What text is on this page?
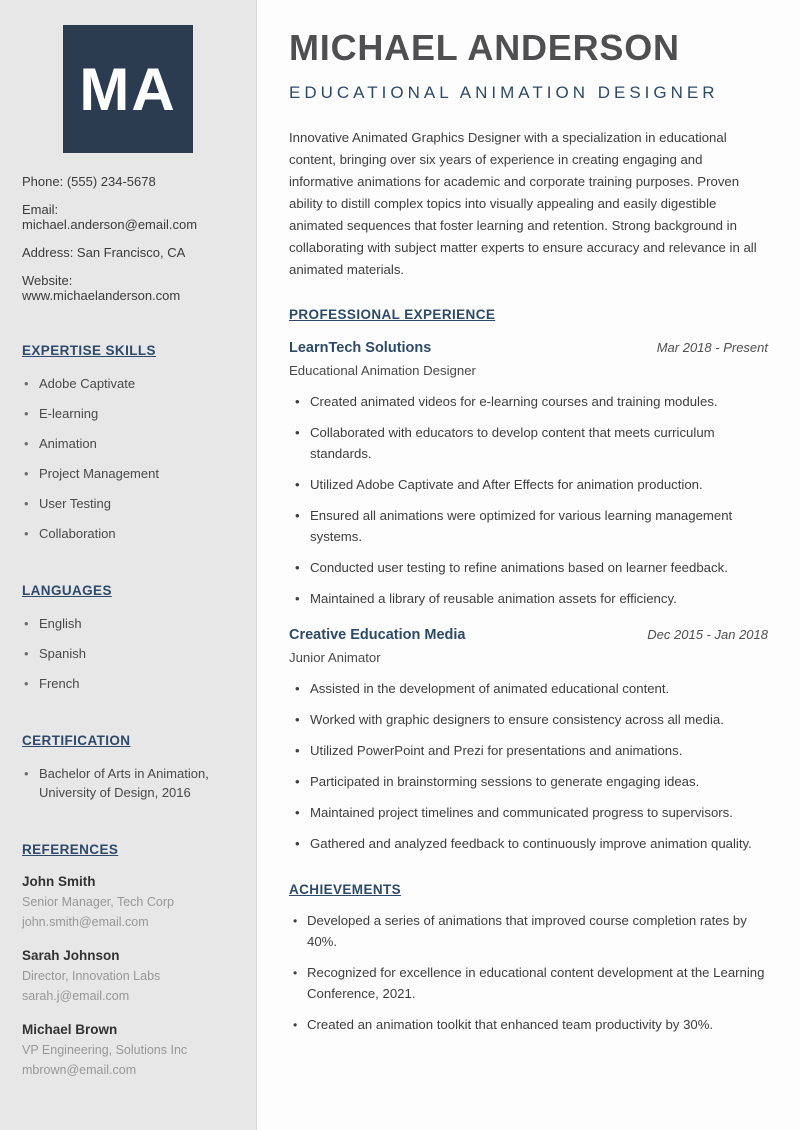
MA

Phone: (555) 234-5678

Email: michael.anderson@email.com

Address: San Francisco, CA

Website: www.michaelanderson.com

EXPERTISE SKILLS
• Adobe Captivate
• E-learning
• Animation
• Project Management
• User Testing
• Collaboration
LANGUAGES
• English
• Spanish
• French
CERTIFICATION
• Bachelor of Arts in Animation, University of Design, 2016
REFERENCES

John Smith

Senior Manager, Tech Corp

john.smith@email.com

Sarah Johnson

Director, Innovation Labs

sarah.j@email.com

Michael Brown

VP Engineering, Solutions Inc

mbrown@email.com

MICHAEL ANDERSON
EDUCATIONAL ANIMATION DESIGNER

Innovative Animated Graphics Designer with a specialization in educational content, bringing over six years of experience in creating engaging and informative animations for academic and corporate training purposes. Proven ability to distill complex topics into visually appealing and easily digestible animated sequences that foster learning and retention. Strong background in collaborating with subject matter experts to ensure accuracy and relevance in all animated materials.

PROFESSIONAL EXPERIENCE
LearnTech Solutions	Mar 2018 - Present
Educational Animation Designer
• Created animated videos for e-learning courses and training modules.
• Collaborated with educators to develop content that meets curriculum standards.
• Utilized Adobe Captivate and After Effects for animation production.
• Ensured all animations were optimized for various learning management systems.
• Conducted user testing to refine animations based on learner feedback.
• Maintained a library of reusable animation assets for efficiency.
Creative Education Media	Dec 2015 - Jan 2018
Junior Animator
• Assisted in the development of animated educational content.
• Worked with graphic designers to ensure consistency across all media.
• Utilized PowerPoint and Prezi for presentations and animations.
• Participated in brainstorming sessions to generate engaging ideas.
• Maintained project timelines and communicated progress to supervisors.
• Gathered and analyzed feedback to continuously improve animation quality.
ACHIEVEMENTS
• Developed a series of animations that improved course completion rates by 40%.
• Recognized for excellence in educational content development at the Learning Conference, 2021.
• Created an animation toolkit that enhanced team productivity by 30%.
